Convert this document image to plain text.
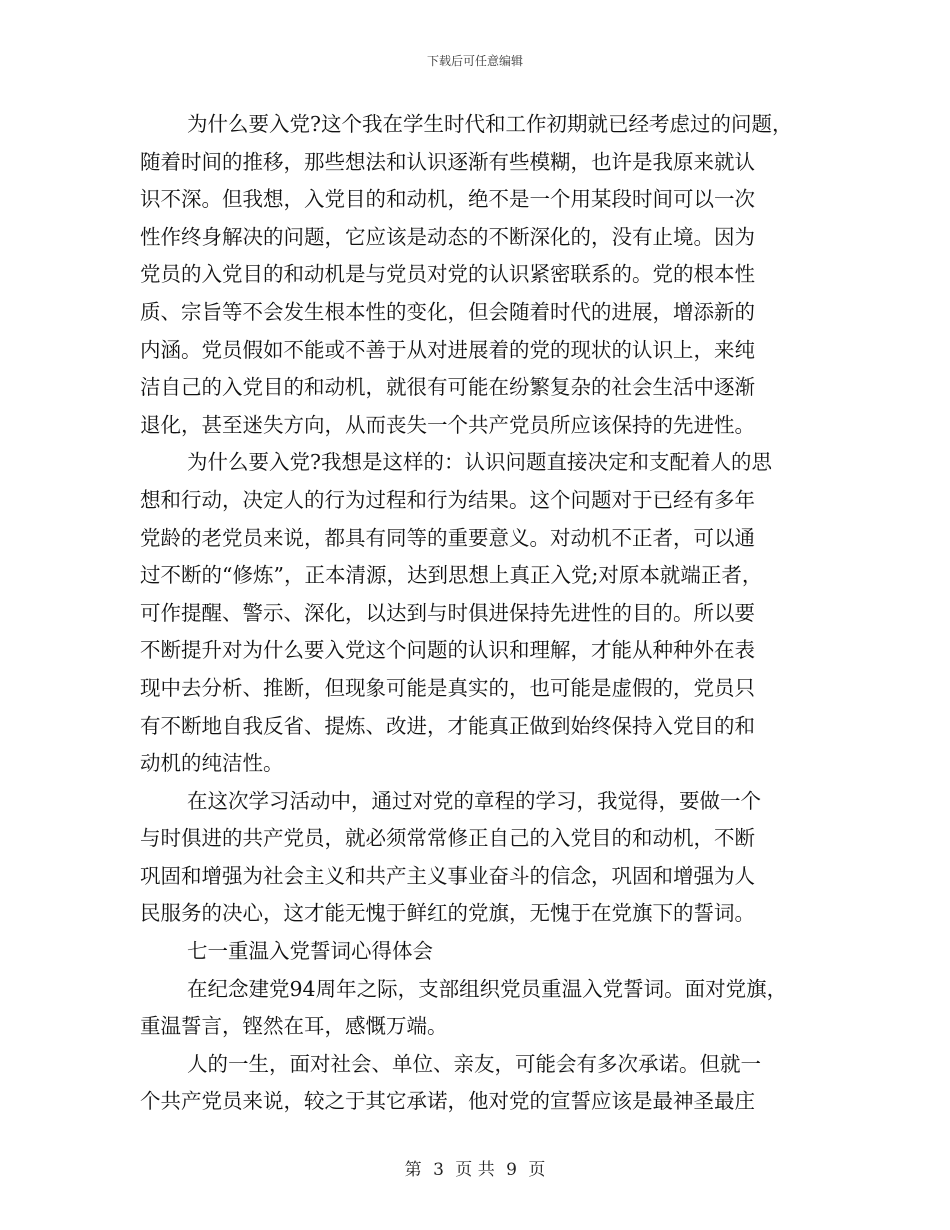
下载后可任意编辑
为什么要入党?这个我在学生时代和工作初期就已经考虑过的问题，
随着时间的推移，那些想法和认识逐渐有些模糊，也许是我原来就认
识不深。但我想，入党目的和动机，绝不是一个用某段时间可以一次
性作终身解决的问题，它应该是动态的不断深化的，没有止境。因为
党员的入党目的和动机是与党员对党的认识紧密联系的。党的根本性
质、宗旨等不会发生根本性的变化，但会随着时代的进展，增添新的
内涵。党员假如不能或不善于从对进展着的党的现状的认识上，来纯
洁自己的入党目的和动机，就很有可能在纷繁复杂的社会生活中逐渐
退化，甚至迷失方向，从而丧失一个共产党员所应该保持的先进性。
为什么要入党?我想是这样的：认识问题直接决定和支配着人的思
想和行动，决定人的行为过程和行为结果。这个问题对于已经有多年
党龄的老党员来说，都具有同等的重要意义。对动机不正者，可以通
过不断的“修炼”，正本清源，达到思想上真正入党;对原本就端正者，
可作提醒、警示、深化，以达到与时俱进保持先进性的目的。所以要
不断提升对为什么要入党这个问题的认识和理解，才能从种种外在表
现中去分析、推断，但现象可能是真实的，也可能是虚假的，党员只
有不断地自我反省、提炼、改进，才能真正做到始终保持入党目的和
动机的纯洁性。
在这次学习活动中，通过对党的章程的学习，我觉得，要做一个
与时俱进的共产党员，就必须常常修正自己的入党目的和动机，不断
巩固和增强为社会主义和共产主义事业奋斗的信念，巩固和增强为人
民服务的决心，这才能无愧于鲜红的党旗，无愧于在党旗下的誓词。
七一重温入党誓词心得体会
在纪念建党94周年之际，支部组织党员重温入党誓词。面对党旗，
重温誓言，铿然在耳，感慨万端。
人的一生，面对社会、单位、亲友，可能会有多次承诺。但就一
个共产党员来说，较之于其它承诺，他对党的宣誓应该是最神圣最庄
第 3 页 共 9 页
